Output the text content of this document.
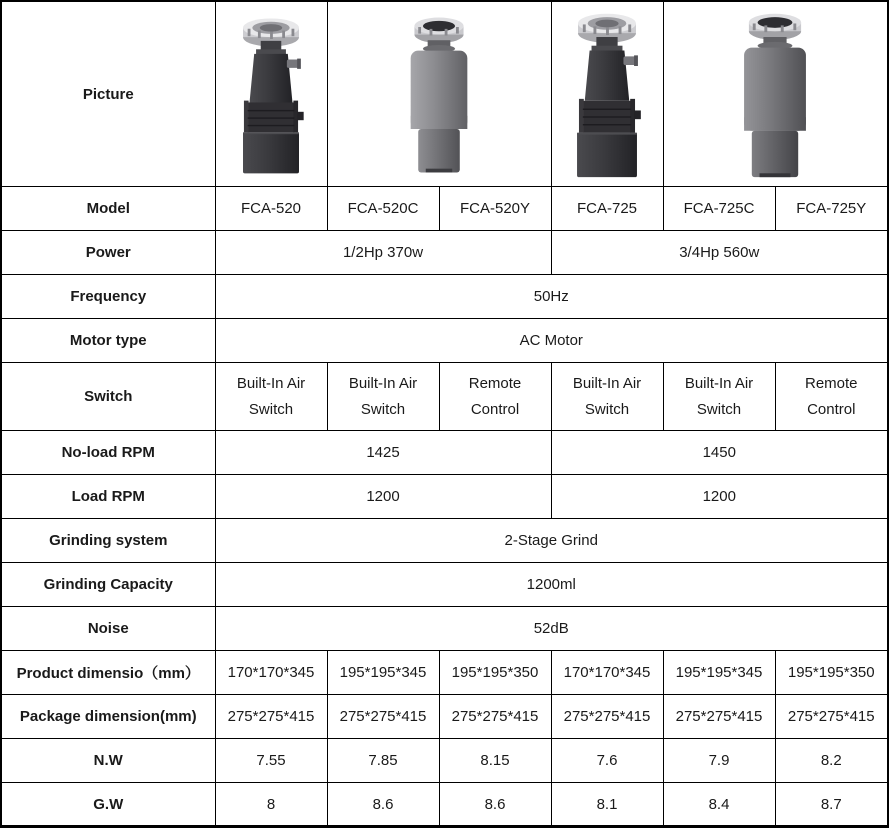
Picture	

Model	FCA-520	FCA-520C	FCA-520Y	FCA-725	FCA-725C	FCA-725Y
Power	1/2Hp 370w			3/4Hp 560w		
Frequency	50Hz					
Motor type	AC Motor					
Switch	Built-In Air Switch	Built-In Air Switch	Remote Control	Built-In Air Switch	Built-In Air Switch	Remote Control
No-load RPM	1425			1450		
Load RPM	1200			1200		
Grinding system	2-Stage Grind					
Grinding Capacity	1200ml					
Noise	52dB					
Product dimensio（mm）	170*170*345	195*195*345	195*195*350	170*170*345	195*195*345	195*195*350
Package dimension(mm)	275*275*415	275*275*415	275*275*415	275*275*415	275*275*415	275*275*415
N.W	7.55	7.85	8.15	7.6	7.9	8.2
G.W	8	8.6	8.6	8.1	8.4	8.7
